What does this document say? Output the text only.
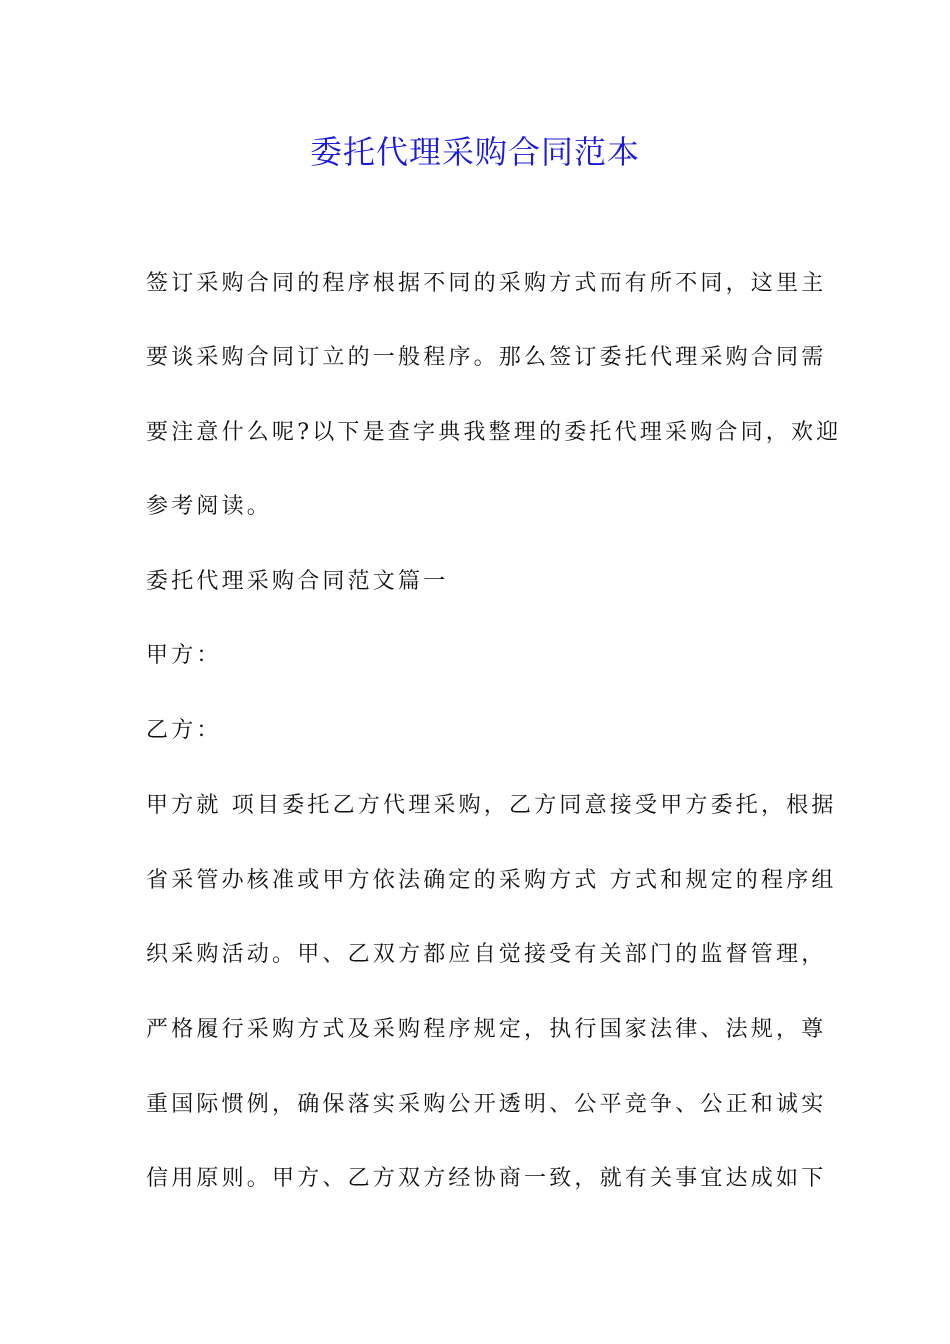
委托代理采购合同范本
签订采购合同的程序根据不同的采购方式而有所不同，这里主
要谈采购合同订立的一般程序。那么签订委托代理采购合同需
要注意什么呢?以下是查字典我整理的委托代理采购合同，欢迎
参考阅读。
委托代理采购合同范文篇一
甲方：
乙方：
甲方就 项目委托乙方代理采购，乙方同意接受甲方委托，根据
省采管办核准或甲方依法确定的采购方式 方式和规定的程序组
织采购活动。甲、乙双方都应自觉接受有关部门的监督管理，
严格履行采购方式及采购程序规定，执行国家法律、法规，尊
重国际惯例，确保落实采购公开透明、公平竞争、公正和诚实
信用原则。甲方、乙方双方经协商一致，就有关事宜达成如下
